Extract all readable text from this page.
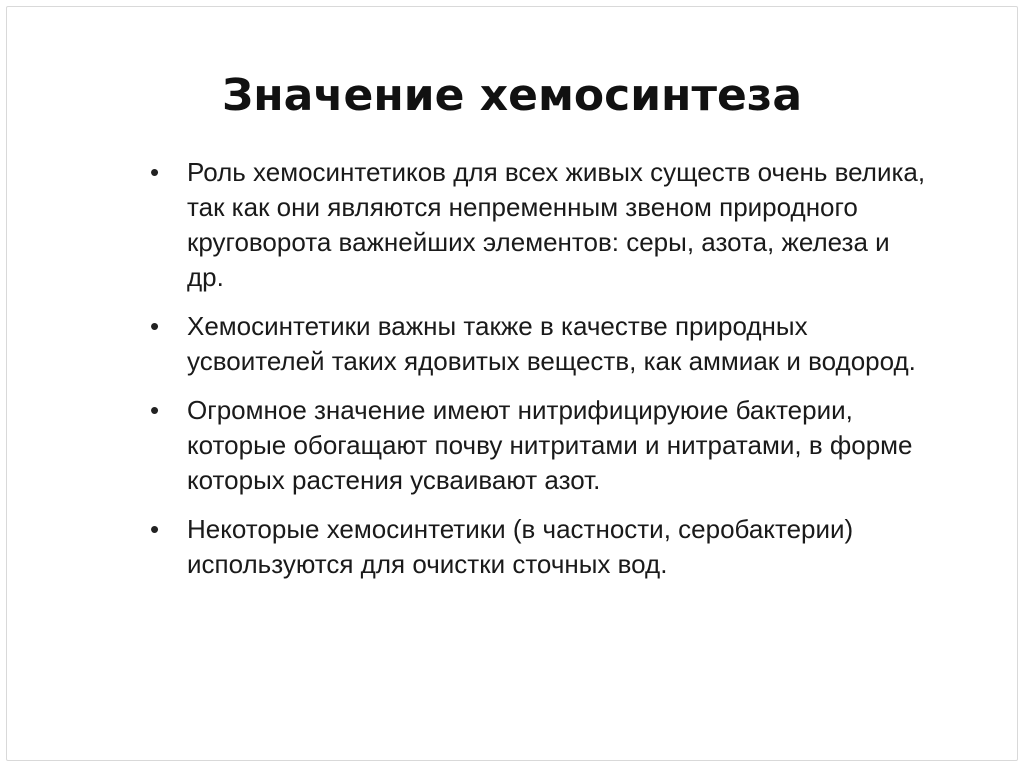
Значение хемосинтеза
•	Роль хемосинтетиков для всех живых существ очень велика, так как они являются непременным звеном природного круговорота важнейших элементов: серы, азота, железа и др.
•	Хемосинтетики важны также в качестве природных усвоителей таких ядовитых веществ, как аммиак и водород.
•	Огромное значение имеют нитрифицируюие бактерии, которые обогащают почву нитритами и нитратами, в форме которых растения усваивают азот.
•	Некоторые хемосинтетики (в частности, серобактерии) используются для очистки сточных вод.
